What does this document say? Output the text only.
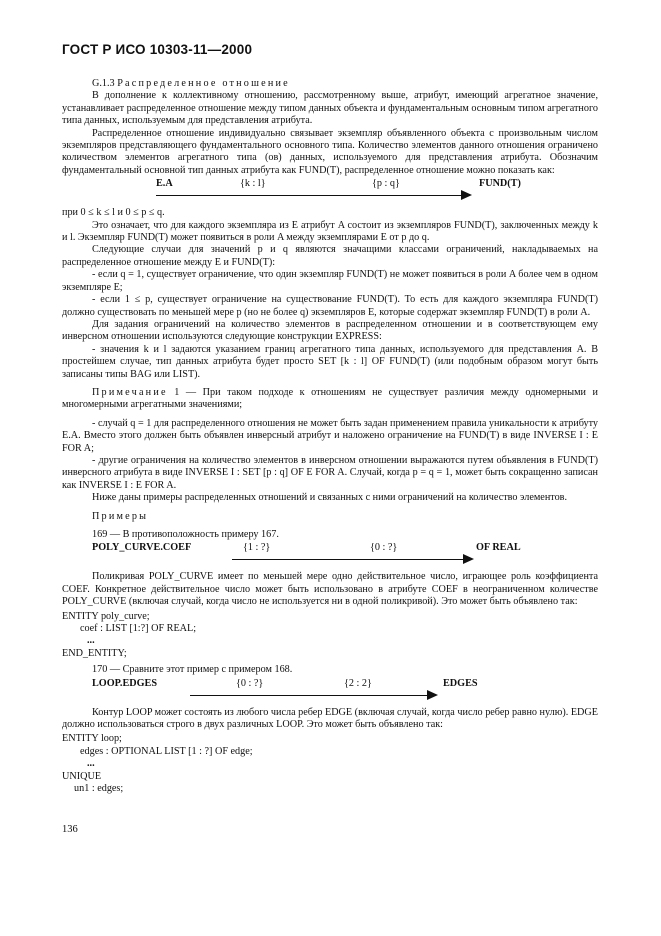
ГОСТ Р ИСО 10303-11—2000

G.1.3 Распределенное отношение

В дополнение к коллективному отношению, рассмотренному выше, атрибут, имеющий агрегатное значение, устанавливает распределенное отношение между типом данных объекта и фундаментальным основным типом агрегатного типа данных, используемым для представления атрибута.

Распределенное отношение индивидуально связывает экземпляр объявленного объекта с произвольным числом экземпляров представляющего фундаментального основного типа. Количество элементов данного отношения ограничено количеством элементов агрегатного типа (ов) данных, используемого для представления атрибута. Обозначим фундаментальный основной тип данных атрибута как FUND(T), распределенное отношение можно показать как:

E.A	{k : l}	{p : q}	FUND(T)

при 0 ≤ k ≤ l и 0 ≤ p ≤ q.

Это означает, что для каждого экземпляра из E атрибут A состоит из экземпляров FUND(T), заключенных между k и l. Экземпляр FUND(T) может появиться в роли A между экземплярами E от p до q.

Следующие случаи для значений p и q являются значащими классами ограничений, накладываемых на распределенное отношение между E и FUND(T):

- если q = 1, существует ограничение, что один экземпляр FUND(T) не может появиться в роли A более чем в одном экземпляре E;

- если 1 ≤ p, существует ограничение на существование FUND(T). То есть для каждого экземпляра FUND(T) должно существовать по меньшей мере p (но не более q) экземпляров E, которые содержат экземпляр FUND(T) в роли A.

Для задания ограничений на количество элементов в распределенном отношении и в соответствующем ему инверсном отношении используются следующие конструкции EXPRESS:

- значения k и l задаются указанием границ агрегатного типа данных, используемого для представления A. В простейшем случае, тип данных атрибута будет просто SET [k : l] OF FUND(T) (или подобным образом могут быть записаны типы BAG или LIST).

Примечание 1 — При таком подходе к отношениям не существует различия между одномерными и многомерными агрегатными значениями;

- случай q = 1 для распределенного отношения не может быть задан применением правила уникальности к атрибуту E.A. Вместо этого должен быть объявлен инверсный атрибут и наложено ограничение на FUND(T) в виде INVERSE I : E FOR A;

- другие ограничения на количество элементов в инверсном отношении выражаются путем объявления в FUND(T) инверсного атрибута в виде INVERSE I : SET [p : q] OF E FOR A. Случай, когда p = q = 1, может быть сокращенно записан как INVERSE I : E FOR A.

Ниже даны примеры распределенных отношений и связанных с ними ограничений на количество элементов.

Примеры

169 — В противоположность примеру 167.

POLY_CURVE.COEF	{1 : ?}	{0 : ?}	OF REAL

Поликривая POLY_CURVE имеет по меньшей мере одно действительное число, играющее роль коэффициента COEF. Конкретное действительное число может быть использовано в атрибуте COEF в неограниченном количестве POLY_CURVE (включая случай, когда число не используется ни в одной поликривой). Это может быть объявлено так:

ENTITY poly_curve;
coef : LIST [1:?] OF REAL;
...
END_ENTITY;

170 — Сравните этот пример с примером 168.

LOOP.EDGES	{0 : ?}	{2 : 2}	EDGES

Контур LOOP может состоять из любого числа ребер EDGE (включая случай, когда число ребер равно нулю). EDGE должно использоваться строго в двух различных LOOP. Это может быть объявлено так:

ENTITY loop;
edges : OPTIONAL LIST [1 : ?] OF edge;
...
UNIQUE
un1 : edges;
136
